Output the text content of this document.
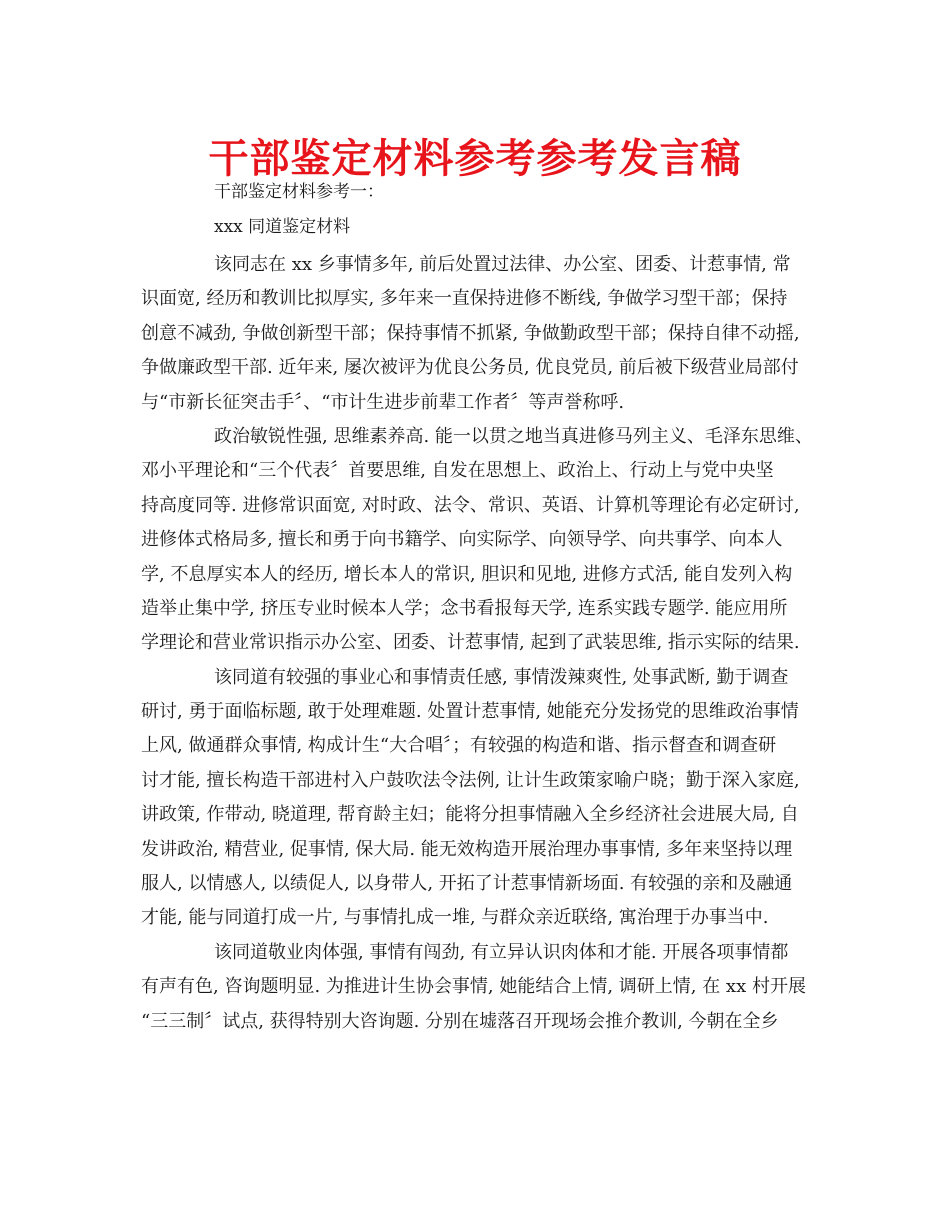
干部鉴定材料参考参考发言稿
干部鉴定材料参考一：
xxx 同道鉴定材料
该同志在 xx 乡事情多年, 前后处置过法律、办公室、团委、计惹事情, 常
识面宽, 经历和教训比拟厚实, 多年来一直保持进修不断线, 争做学习型干部；保持
创意不减劲, 争做创新型干部；保持事情不抓紧, 争做勤政型干部；保持自律不动摇,
争做廉政型干部. 近年来, 屡次被评为优良公务员, 优良党员, 前后被下级营业局部付
与“市新长征突击手〞、“市计生进步前辈工作者〞等声誉称呼.
政治敏锐性强, 思维素养高. 能一以贯之地当真进修马列主义、毛泽东思维、
邓小平理论和“三个代表〞首要思维, 自发在思想上、政治上、行动上与党中央坚
持高度同等. 进修常识面宽, 对时政、法令、常识、英语、计算机等理论有必定研讨,
进修体式格局多, 擅长和勇于向书籍学、向实际学、向领导学、向共事学、向本人
学, 不息厚实本人的经历, 增长本人的常识, 胆识和见地, 进修方式活, 能自发列入构
造举止集中学, 挤压专业时候本人学；念书看报每天学, 连系实践专题学. 能应用所
学理论和营业常识指示办公室、团委、计惹事情, 起到了武装思维, 指示实际的结果.
该同道有较强的事业心和事情责任感, 事情泼辣爽性, 处事武断, 勤于调查
研讨, 勇于面临标题, 敢于处理难题. 处置计惹事情, 她能充分发扬党的思维政治事情
上风, 做通群众事情, 构成计生“大合唱〞；有较强的构造和谐、指示督查和调查研
讨才能, 擅长构造干部进村入户鼓吹法令法例, 让计生政策家喻户晓；勤于深入家庭,
讲政策, 作带动, 晓道理, 帮育龄主妇；能将分担事情融入全乡经济社会进展大局, 自
发讲政治, 精营业, 促事情, 保大局. 能无效构造开展治理办事事情, 多年来坚持以理
服人, 以情感人, 以绩促人, 以身带人, 开拓了计惹事情新场面. 有较强的亲和及融通
才能, 能与同道打成一片, 与事情扎成一堆, 与群众亲近联络, 寓治理于办事当中.
该同道敬业肉体强, 事情有闯劲, 有立异认识肉体和才能. 开展各项事情都
有声有色, 咨询题明显. 为推进计生协会事情, 她能结合上情, 调研上情, 在 xx 村开展
“三三制〞试点, 获得特别大咨询题. 分别在墟落召开现场会推介教训, 今朝在全乡
